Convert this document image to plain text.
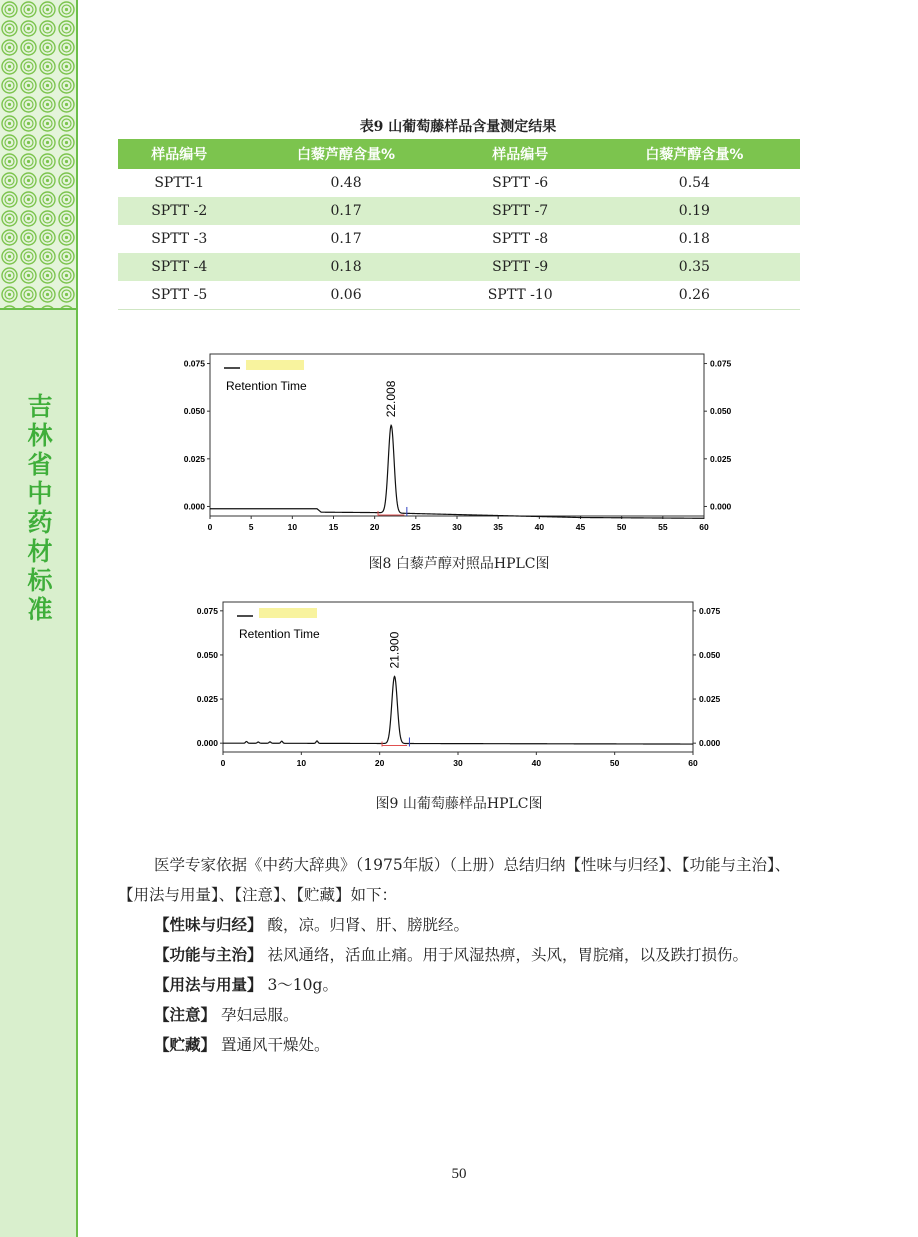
吉
林
省
中
药
材
标
准
表9 山葡萄藤样品含量测定结果
样品编号	白藜芦醇含量%	样品编号	白藜芦醇含量%
SPTT-1	0.48	SPTT -6	0.54
SPTT -2	0.17	SPTT -7	0.19
SPTT -3	0.17	SPTT -8	0.18
SPTT -4	0.18	SPTT -9	0.35
SPTT -5	0.06	SPTT -10	0.26
0.075	0.075
0.050	0.050
0.025	0.025
0.000	0.000
0	5	10	15	20	25	30	35	40	45	50	55	60
22.008
Retention Time
图8 白藜芦醇对照品HPLC图
0.075	0.075
0.050	0.050
0.025	0.025
0.000	0.000
0	10	20	30	40	50	60
21.900
Retention Time
图9 山葡萄藤样品HPLC图

医学专家依据《中药大辞典》（1975年版）（上册）总结归纳【性味与归经】、【功能与主治】、【用法与用量】、【注意】、【贮藏】如下：

【性味与归经】 酸，凉。归肾、肝、膀胱经。

【功能与主治】 祛风通络，活血止痛。用于风湿热痹，头风，胃脘痛，以及跌打损伤。

【用法与用量】 3～10g。

【注意】 孕妇忌服。

【贮藏】 置通风干燥处。

50
